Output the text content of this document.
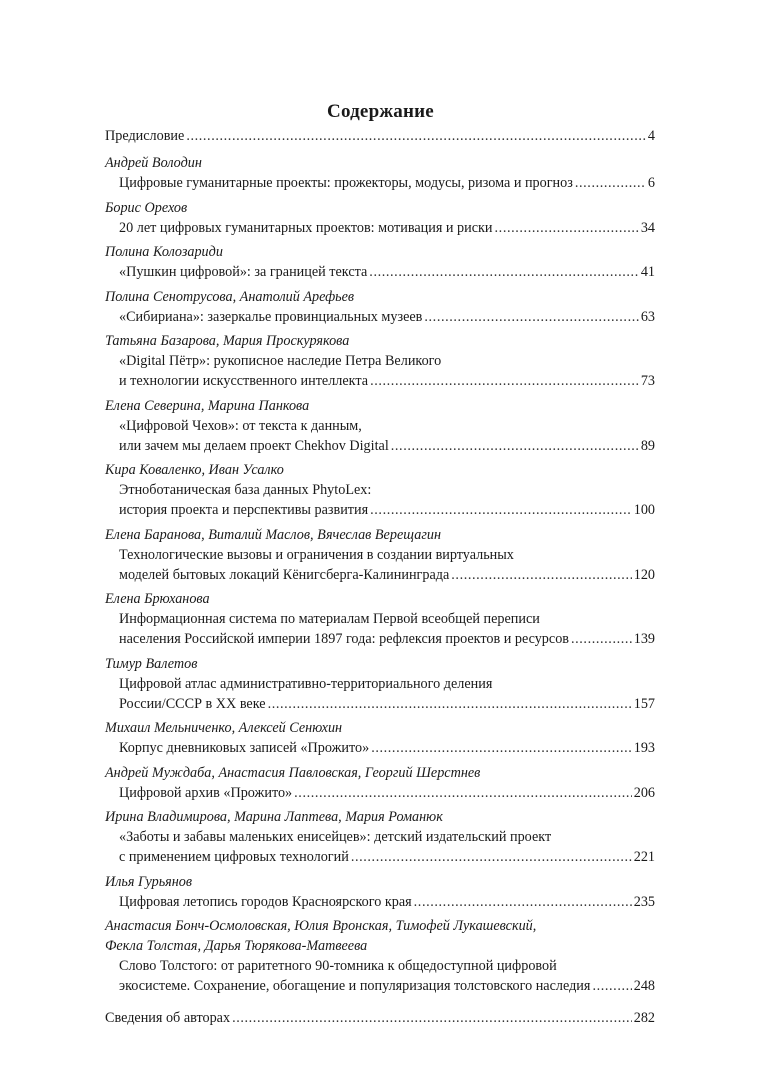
Содержание
Предисловие .....	4
Андрей Володин
Цифровые гуманитарные проекты: прожекторы, модусы, ризома и прогноз .....	6
Борис Орехов
20 лет цифровых гуманитарных проектов: мотивация и риски .....	34
Полина Колозариди
«Пушкин цифровой»: за границей текста .....	41
Полина Сенотрусова, Анатолий Арефьев
«Сибириана»: зазеркалье провинциальных музеев .....	63
Татьяна Базарова, Мария Проскурякова
«Digital Пётр»: рукописное наследие Петра Великого
и технологии искусственного интеллекта .....	73
Елена Северина, Марина Панкова
«Цифровой Чехов»: от текста к данным,
или зачем мы делаем проект Chekhov Digital .....	89
Кира Коваленко, Иван Усалко
Этноботаническая база данных PhytoLex:
история проекта и перспективы развития .....	100
Елена Баранова, Виталий Маслов, Вячеслав Верещагин
Технологические вызовы и ограничения в создании виртуальных
моделей бытовых локаций Кёнигсберга-Калининграда .....	120
Елена Брюханова
Информационная система по материалам Первой всеобщей переписи
населения Российской империи 1897 года: рефлексия проектов и ресурсов .....	139
Тимур Валетов
Цифровой атлас административно-территориального деления
России/СССР в XX веке .....	157
Михаил Мельниченко, Алексей Сенюхин
Корпус дневниковых записей «Прожито» .....	193
Андрей Муждаба, Анастасия Павловская, Георгий Шерстнев
Цифровой архив «Прожито» .....	206
Ирина Владимирова, Марина Лаптева, Мария Романюк
«Заботы и забавы маленьких енисейцев»: детский издательский проект
с применением цифровых технологий .....	221
Илья Гурьянов
Цифровая летопись городов Красноярского края .....	235
Анастасия Бонч-Осмоловская, Юлия Вронская, Тимофей Лукашевский,
Фекла Толстая, Дарья Тюрякова-Матвеева
Слово Толстого: от раритетного 90-томника к общедоступной цифровой
экосистеме. Сохранение, обогащение и популяризация толстовского наследия .....	248
Сведения об авторах .....	282
